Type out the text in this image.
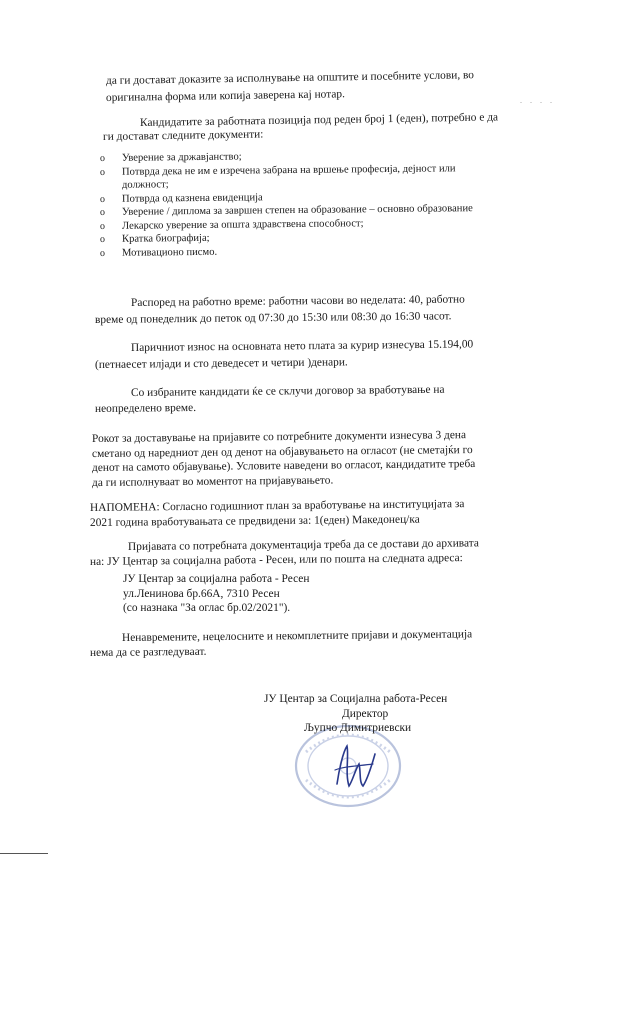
да ги доставaт доказите за исполнување на општите и посебните услови, во
оригинална форма или копија заверена кај нотар.	. . . .
Кандидатите за работната позиција под реден број 1 (еден), потребно е да
ги доставaт следните документи:
o Уверение за државјанство;
o Потврда дека не им е изречена забрана на вршење професија, дејност или
должност;
o Потврда од казнена евиденција
o Уверение / диплома за завршен степен на образование – основно образование
o Лекарско уверение за општа здравствена способност;
o Кратка биографија;
o Мотивационо писмо.
Распоред на работно време: работни часови во неделата: 40, работно
време од понеделник до петок од 07:30 до 15:30 или 08:30 до 16:30 часот.
Паричниот износ на основната нето плата за курир изнесува 15.194,00
(петнаесет илјади и сто деведесет и четири )денари.
Со избраните кандидати ќе се склучи договор за вработување на
неопределено време.
Рокот за доставување на пријавите со потребните документи изнесува 3 дена
сметано од наредниот ден од денот на објавувањето на огласот (не сметајќи го
денот на самото објавување). Условите наведени во огласот, кандидатите треба
да ги исполнуваат во моментот на пријавувањето.
НАПОМЕНА: Согласно годишниот план за вработување на институцијата за
2021 година вработувањата се предвидени за: 1(еден) Македонец/ка
Пријавата со потребната документација треба да се достави до архивата
на: ЈУ Центар за социјална работа - Ресен, или по пошта на следната адреса:
ЈУ Центар за социјална работа - Ресен
ул.Ленинова бр.66А, 7310 Ресен
(со назнака "За оглас бр.02/2021").
Ненавремените, нецелосните и некомплетните пријави и документација
нема да се разгледуваат.
ЈУ Центар за Социјална работа-Ресен
Директор
Љупчо Димитриевски
